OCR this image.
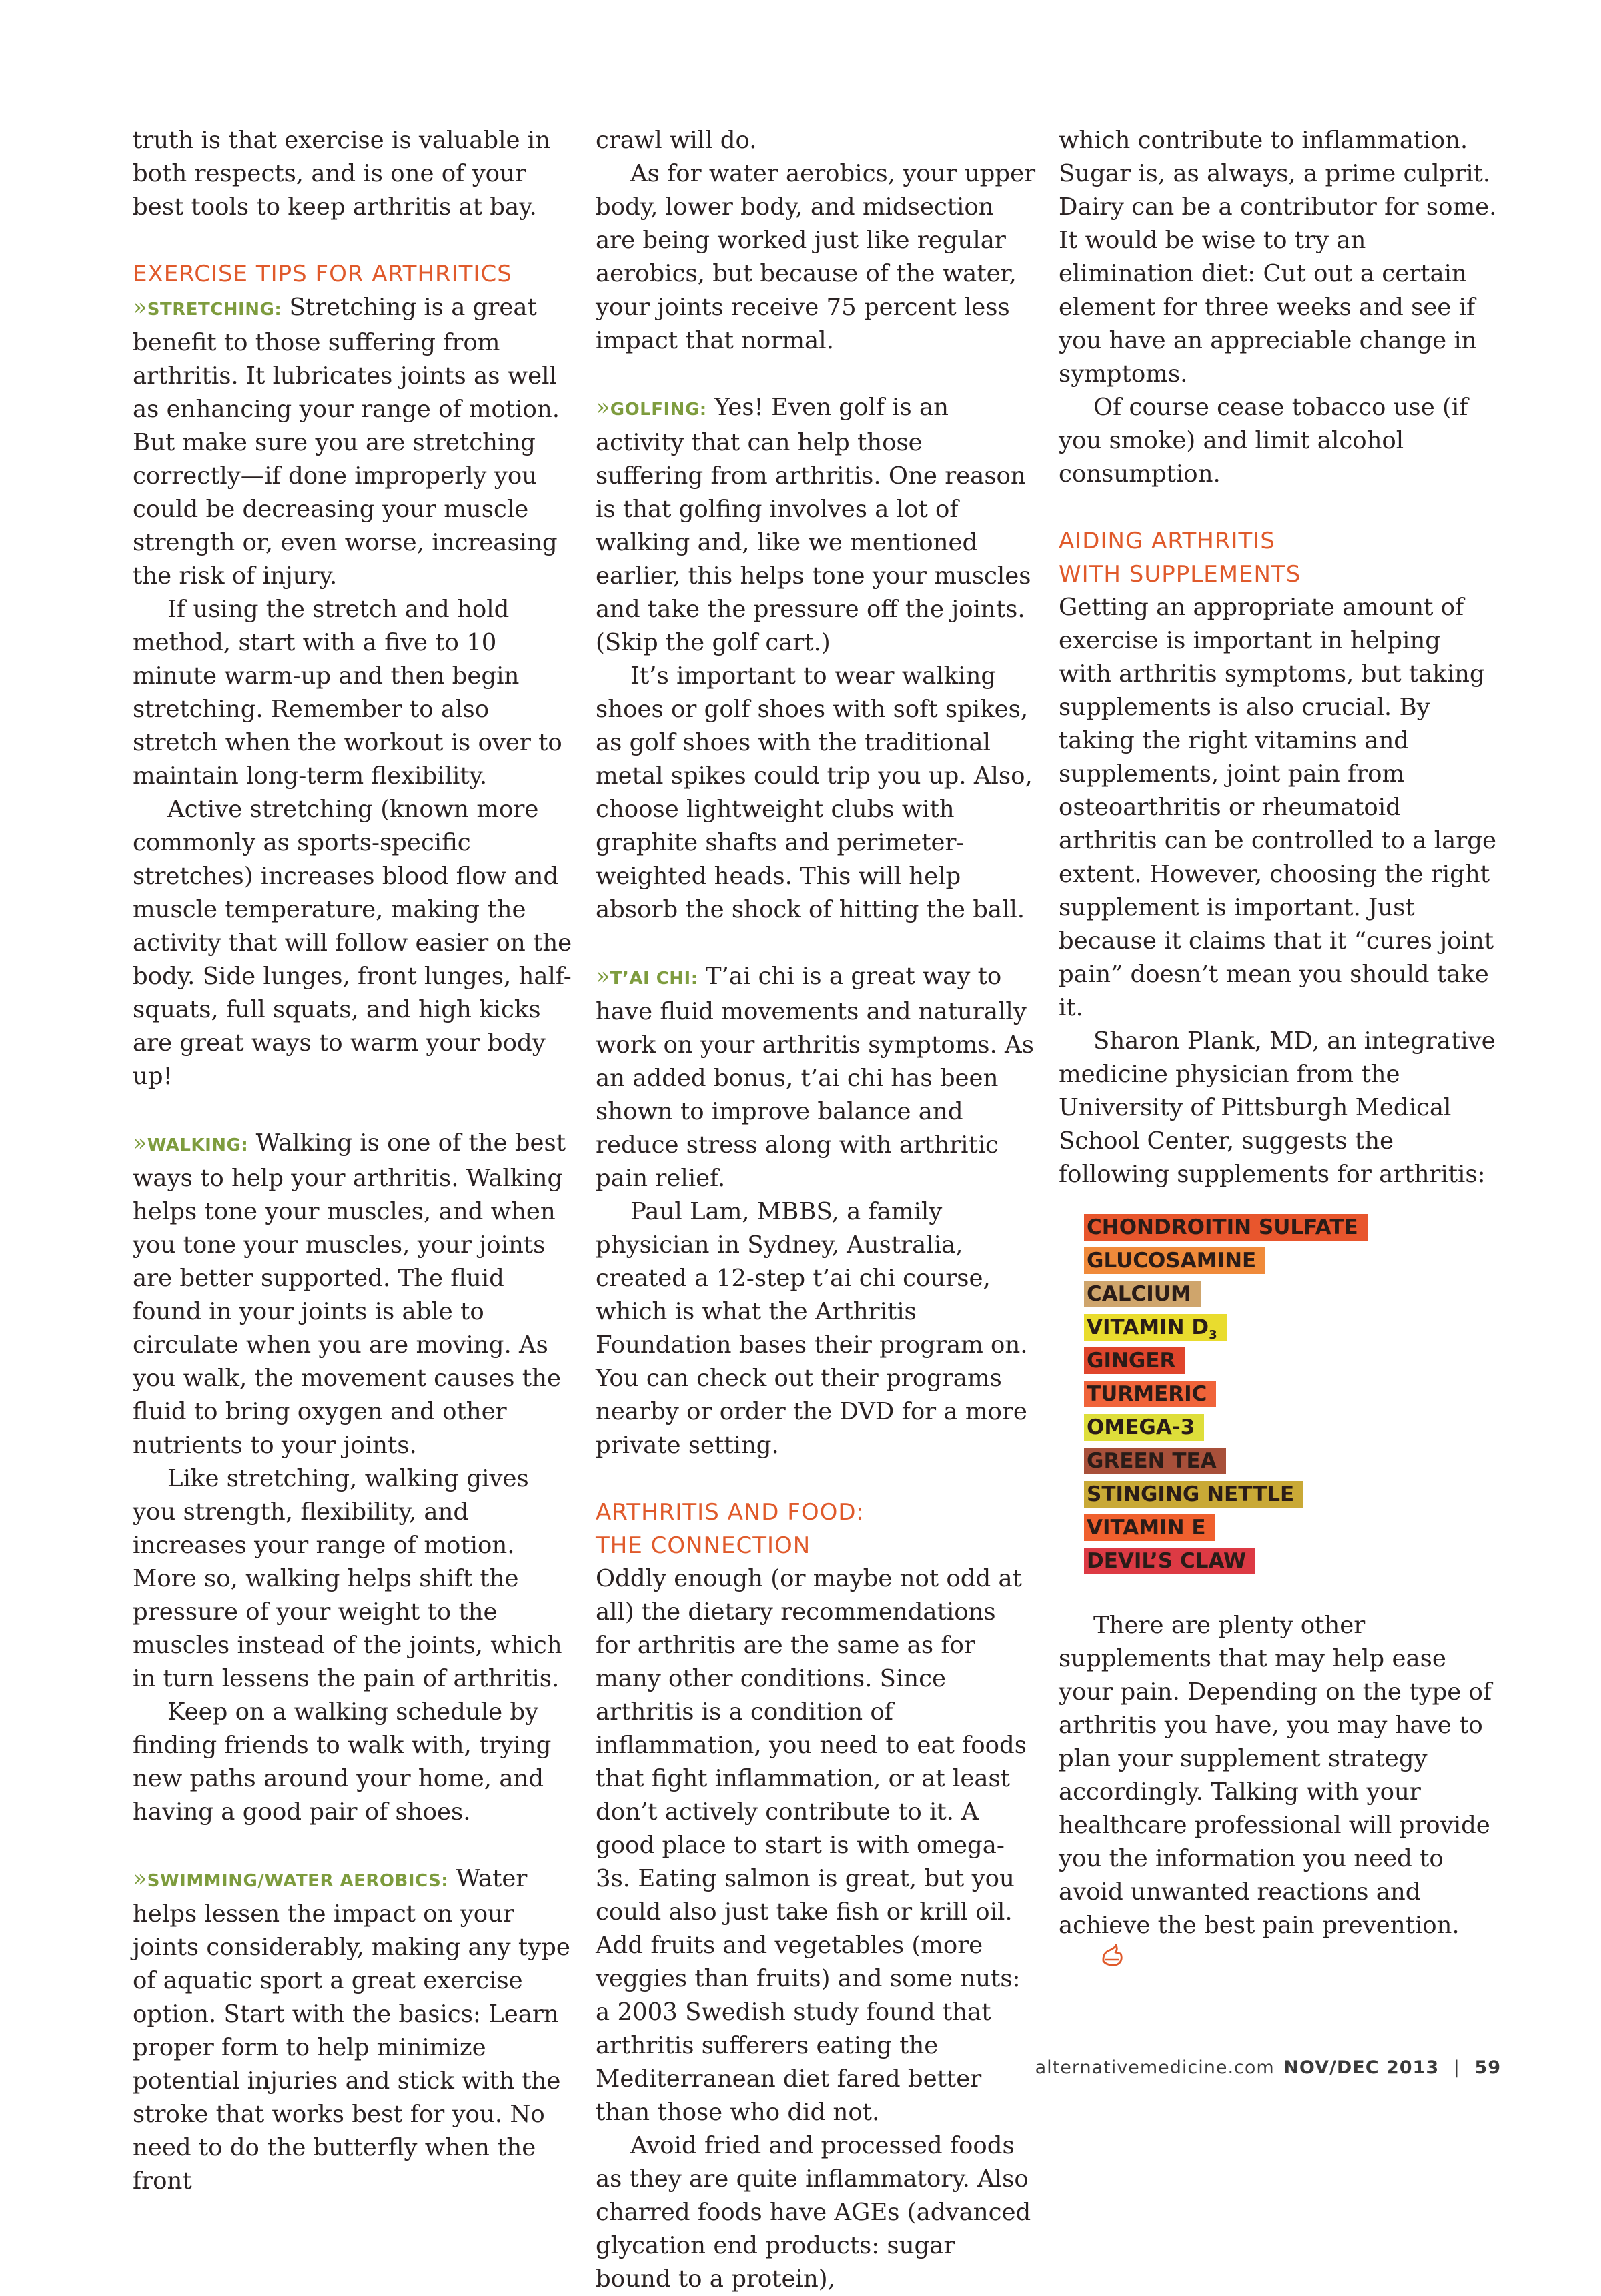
truth is that exercise is valuable in both respects, and is one of your best tools to keep arthritis at bay.

EXERCISE TIPS FOR ARTHRITICS

»STRETCHING: Stretching is a great benefit to those suffering from arthritis. It lubricates joints as well as enhancing your range of motion. But make sure you are stretching correctly—if done improperly you could be decreasing your muscle strength or, even worse, increasing the risk of injury.

If using the stretch and hold method, start with a five to 10 minute warm-up and then begin stretching. Remember to also stretch when the workout is over to maintain long-term flexibility.

Active stretching (known more commonly as sports-specific stretches) increases blood flow and muscle temperature, making the activity that will follow easier on the body. Side lunges, front lunges, half-squats, full squats, and high kicks are great ways to warm your body up!

»WALKING: Walking is one of the best ways to help your arthritis. Walking helps tone your muscles, and when you tone your muscles, your joints are better supported. The fluid found in your joints is able to circulate when you are moving. As you walk, the movement causes the fluid to bring oxygen and other nutrients to your joints.

Like stretching, walking gives you strength, flexibility, and increases your range of motion. More so, walking helps shift the pressure of your weight to the muscles instead of the joints, which in turn lessens the pain of arthritis.

Keep on a walking schedule by finding friends to walk with, trying new paths around your home, and having a good pair of shoes.

»SWIMMING/WATER AEROBICS: Water helps lessen the impact on your joints considerably, making any type of aquatic sport a great exercise option. Start with the basics: Learn proper form to help minimize potential injuries and stick with the stroke that works best for you. No need to do the butterfly when the front

crawl will do.

As for water aerobics, your upper body, lower body, and midsection are being worked just like regular aerobics, but because of the water, your joints receive 75 percent less impact that normal.

»GOLFING: Yes! Even golf is an activity that can help those suffering from arthritis. One reason is that golfing involves a lot of walking and, like we mentioned earlier, this helps tone your muscles and take the pressure off the joints. (Skip the golf cart.)

It’s important to wear walking shoes or golf shoes with soft spikes, as golf shoes with the traditional metal spikes could trip you up. Also, choose lightweight clubs with graphite shafts and perimeter-weighted heads. This will help absorb the shock of hitting the ball.

»T’AI CHI: T’ai chi is a great way to have fluid movements and naturally work on your arthritis symptoms. As an added bonus, t’ai chi has been shown to improve balance and reduce stress along with arthritic pain relief.

Paul Lam, MBBS, a family physician in Sydney, Australia, created a 12-step t’ai chi course, which is what the Arthritis Foundation bases their program on. You can check out their programs nearby or order the DVD for a more private setting.

ARTHRITIS AND FOOD:
THE CONNECTION

Oddly enough (or maybe not odd at all) the dietary recommendations for arthritis are the same as for many other conditions. Since arthritis is a condition of inflammation, you need to eat foods that fight inflammation, or at least don’t actively contribute to it. A good place to start is with omega-3s. Eating salmon is great, but you could also just take fish or krill oil. Add fruits and vegetables (more veggies than fruits) and some nuts: a 2003 Swedish study found that arthritis sufferers eating the Mediterranean diet fared better than those who did not.

Avoid fried and processed foods as they are quite inflammatory. Also charred foods have AGEs (advanced glycation end products: sugar bound to a protein),

which contribute to inflammation. Sugar is, as always, a prime culprit. Dairy can be a contributor for some. It would be wise to try an elimination diet: Cut out a certain element for three weeks and see if you have an appreciable change in symptoms.

Of course cease tobacco use (if you smoke) and limit alcohol consumption.

AIDING ARTHRITIS
WITH SUPPLEMENTS

Getting an appropriate amount of exercise is important in helping with arthritis symptoms, but taking supplements is also crucial. By taking the right vitamins and supplements, joint pain from osteoarthritis or rheumatoid arthritis can be controlled to a large extent. However, choosing the right supplement is important. Just because it claims that it “cures joint pain” doesn’t mean you should take it.

Sharon Plank, MD, an integrative medicine physician from the University of Pittsburgh Medical School Center, suggests the following supplements for arthritis:

CHONDROITIN SULFATE
GLUCOSAMINE
CALCIUM
VITAMIN $D_3$
GINGER
TURMERIC
OMEGA-3
GREEN TEA
STINGING NETTLE
VITAMIN E
DEVIL’S CLAW

There are plenty other supplements that may help ease your pain. Depending on the type of arthritis you have, you may have to plan your supplement strategy accordingly. Talking with your healthcare professional will provide you the information you need to avoid unwanted reactions and achieve the best pain prevention.

alternativemedicine.com NOV/DEC 2013 | 59
